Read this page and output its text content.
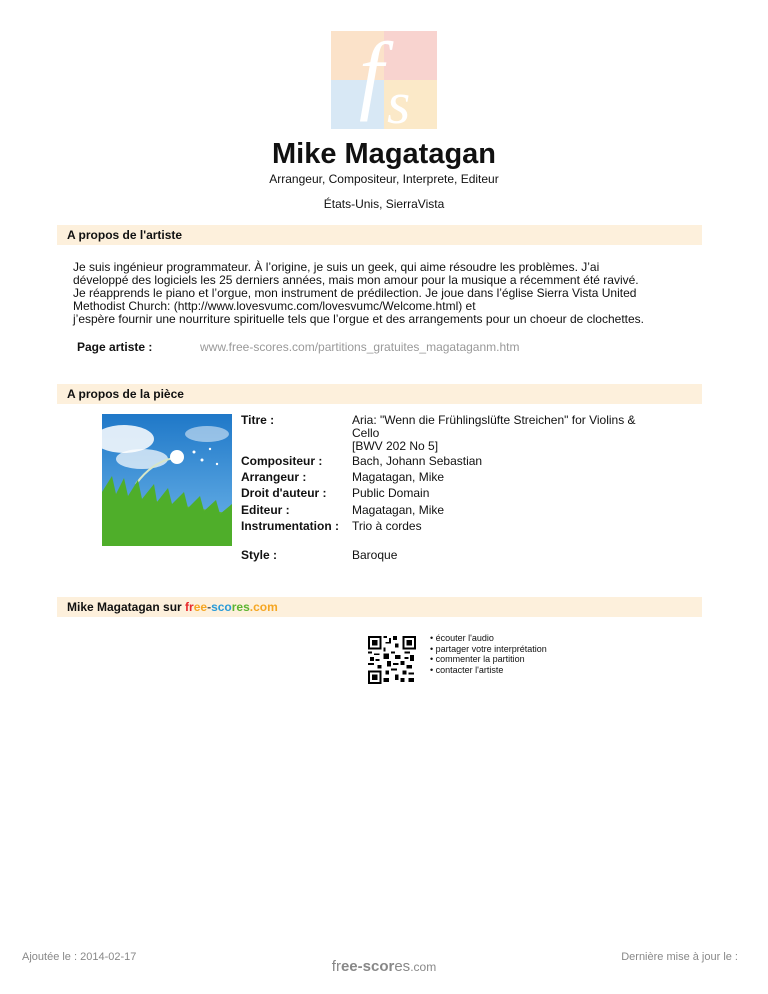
f s
Mike Magatagan
Arrangeur, Compositeur, Interprete, Editeur
États-Unis, SierraVista
A propos de l'artiste
Je suis ingénieur programmateur. À l’origine, je suis un geek, qui aime résoudre les problèmes. J’ai
développé des logiciels les 25 derniers années, mais mon amour pour la musique a récemment été ravivé.
Je réapprends le piano et l’orgue, mon instrument de prédilection. Je joue dans l’église Sierra Vista United
Methodist Church: (http://www.lovesvumc.com/lovesvumc/Welcome.html) et
j’espère fournir une nourriture spirituelle tels que l’orgue et des arrangements pour un choeur de clochettes.
Page artiste :	www.free-scores.com/partitions_gratuites_magataganm.htm
A propos de la pièce
Titre :	Aria: "Wenn die Frühlingslüfte Streichen" for Violins &
Cello
[BWV 202 No 5]
Compositeur : Bach, Johann Sebastian
Arrangeur :	Magatagan, Mike
Droit d'auteur : Public Domain
Editeur :	Magatagan, Mike
Instrumentation : Trio à cordes
Style :	Baroque
Mike Magatagan sur free-scores.com
• écouter l'audio
• partager votre interprétation
• commenter la partition
• contacter l'artiste
Ajoutée le : 2014-02-17
free-scores.com
Dernière mise à jour le :
